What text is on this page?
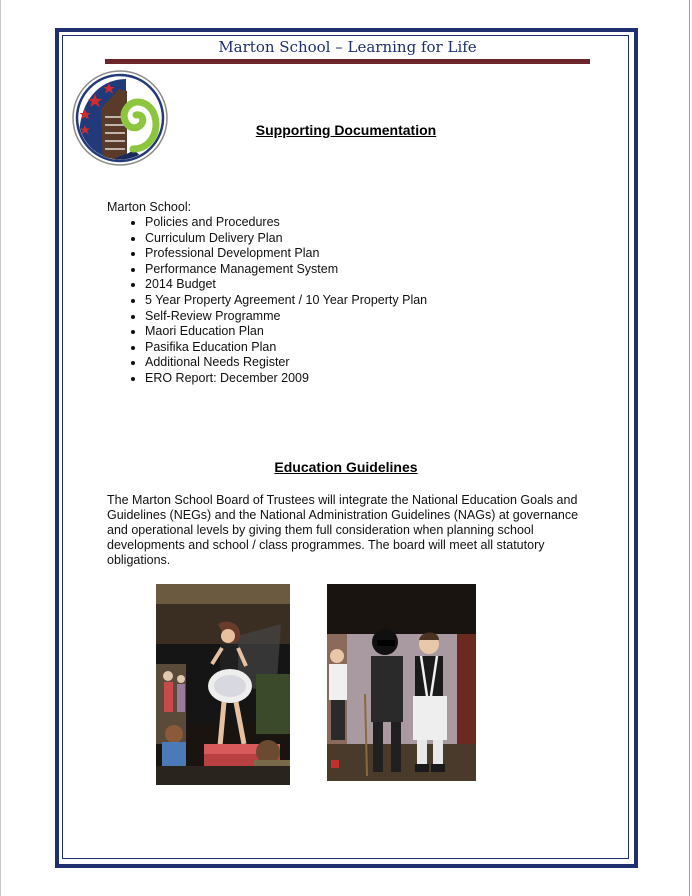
Marton School – Learning for Life
Supporting Documentation
Marton School:
• Policies and Procedures
• Curriculum Delivery Plan
• Professional Development Plan
• Performance Management System
• 2014 Budget
• 5 Year Property Agreement / 10 Year Property Plan
• Self-Review Programme
• Maori Education Plan
• Pasifika Education Plan
• Additional Needs Register
• ERO Report: December 2009
Education Guidelines

The Marton School Board of Trustees will integrate the National Education Goals and Guidelines (NEGs) and the National Administration Guidelines (NAGs) at governance and operational levels by giving them full consideration when planning school developments and school / class programmes. The board will meet all statutory obligations.
